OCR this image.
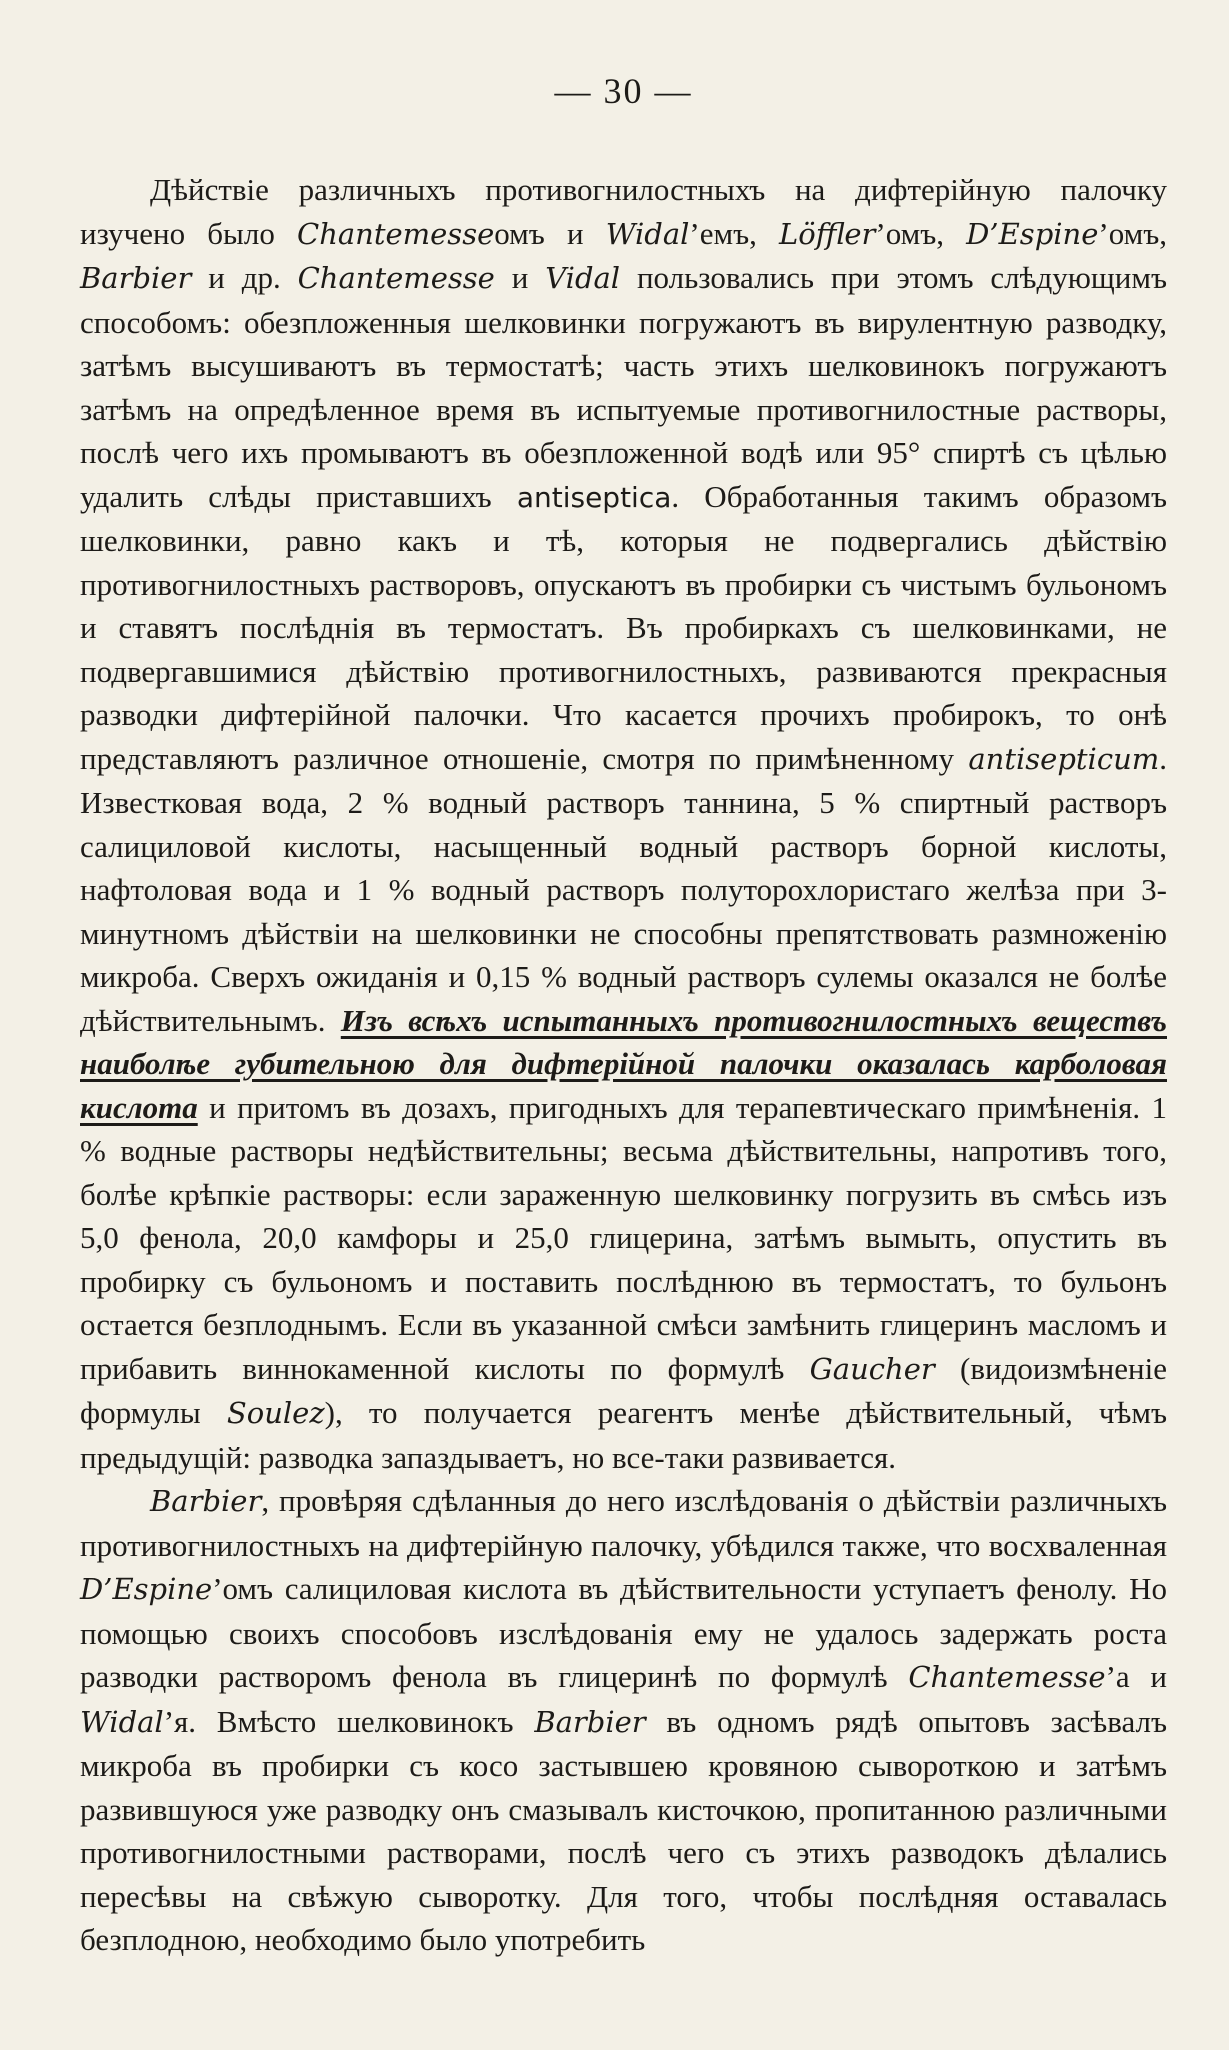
— 30 —

Дѣйствіе различныхъ противогнилостныхъ на дифтерійную палочку изучено было Chantemesseомъ и Widal’емъ, Löffler’омъ, D’Espine’омъ, Barbier и др. Chantemesse и Vidal пользовались при этомъ слѣдующимъ способомъ: обезпложенныя шелковинки погружаютъ въ вирулентную разводку, затѣмъ высушиваютъ въ термостатѣ; часть этихъ шелковинокъ погружаютъ затѣмъ на опредѣленное время въ испытуемые противогнилостные растворы, послѣ чего ихъ промываютъ въ обезпложенной водѣ или 95° спиртѣ съ цѣлью удалить слѣды приставшихъ antiseptica. Обработанныя такимъ образомъ шелковинки, равно какъ и тѣ, которыя не подвергались дѣйствію противогнилостныхъ растворовъ, опускаютъ въ пробирки съ чистымъ бульономъ и ставятъ послѣднія въ термостатъ. Въ пробиркахъ съ шелковинками, не подвергавшимися дѣйствію противогнилостныхъ, развиваются прекрасныя разводки дифтерійной палочки. Что касается прочихъ пробирокъ, то онѣ представляютъ различное отношеніе, смотря по примѣненному antisepticum. Известковая вода, 2 % водный растворъ таннина, 5 % спиртный растворъ салициловой кислоты, насыщенный водный растворъ борной кислоты, нафтоловая вода и 1 % водный растворъ полуторохлористаго желѣза при 3-минутномъ дѣйствіи на шелковинки не способны препятствовать размноженію микроба. Сверхъ ожиданія и 0,15 % водный растворъ сулемы оказался не болѣе дѣйствительнымъ. Изъ всѣхъ испытанныхъ противогнилостныхъ веществъ наиболѣе губительною для дифтерійной палочки оказалась карболовая кислота и притомъ въ дозахъ, пригодныхъ для терапевтическаго примѣненія. 1 % водные растворы недѣйствительны; весьма дѣйствительны, напротивъ того, болѣе крѣпкіе растворы: если зараженную шелковинку погрузить въ смѣсь изъ 5,0 фенола, 20,0 камфоры и 25,0 глицерина, затѣмъ вымыть, опустить въ пробирку съ бульономъ и поставить послѣднюю въ термостатъ, то бульонъ остается безплоднымъ. Если въ указанной смѣси замѣнить глицеринъ масломъ и прибавить виннокаменной кислоты по формулѣ Gaucher (видоизмѣненіе формулы Soulez), то получается реагентъ менѣе дѣйствительный, чѣмъ предыдущій: разводка запаздываетъ, но все-таки развивается.

Barbier, провѣряя сдѣланныя до него изслѣдованія о дѣйствіи различныхъ противогнилостныхъ на дифтерійную палочку, убѣдился также, что восхваленная D’Espine’омъ салициловая кислота въ дѣйствительности уступаетъ фенолу. Но помощью своихъ способовъ изслѣдованія ему не удалось задержать роста разводки растворомъ фенола въ глицеринѣ по формулѣ Chantemesse’а и Widal’я. Вмѣсто шелковинокъ Barbier въ одномъ рядѣ опытовъ засѣвалъ микроба въ пробирки съ косо застывшею кровяною сывороткою и затѣмъ развившуюся уже разводку онъ смазывалъ кисточкою, пропитанною различными противогнилостными растворами, послѣ чего съ этихъ разводокъ дѣлались пересѣвы на свѣжую сыворотку. Для того, чтобы послѣдняя оставалась безплодною, необходимо было употребить
